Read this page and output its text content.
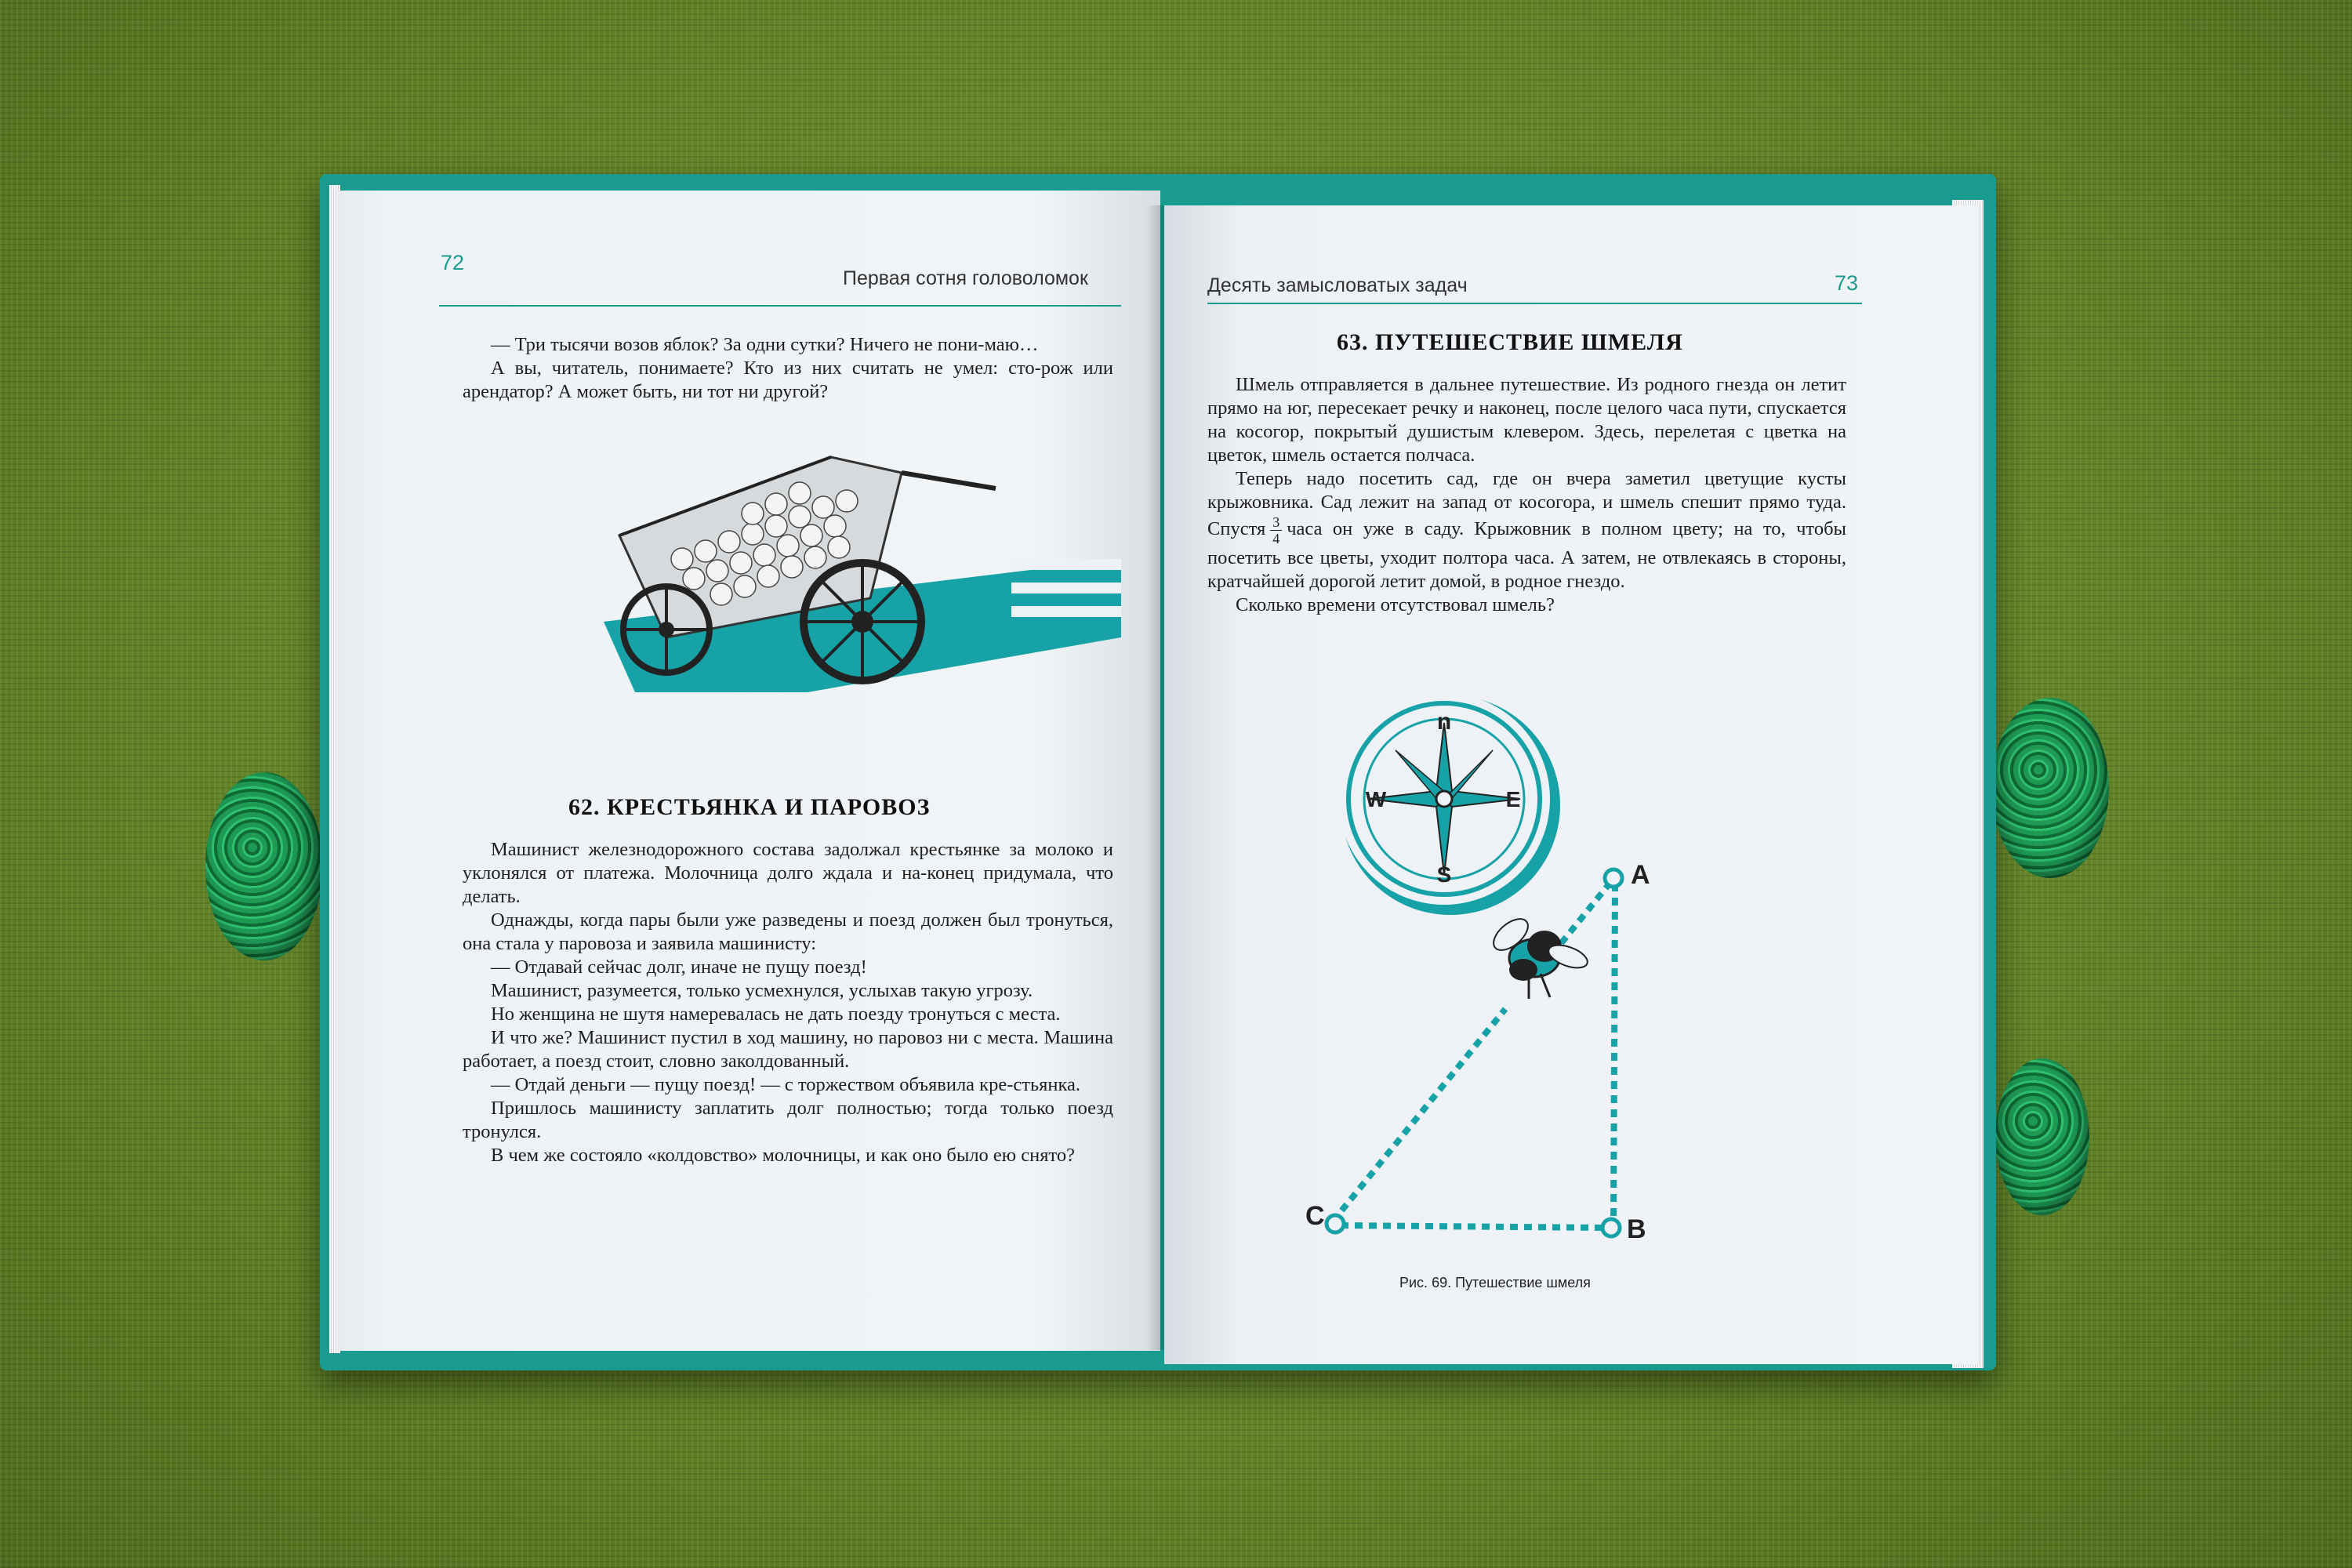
72
Первая сотня головоломок

— Три тысячи возов яблок? За одни сутки? Ничего не пони-маю…

А вы, читатель, понимаете? Кто из них считать не умел: сто-рож или арендатор? А может быть, ни тот ни другой?

62. КРЕСТЬЯНКА И ПАРОВОЗ

Машинист железнодорожного состава задолжал крестьянке за молоко и уклонялся от платежа. Молочница долго ждала и на-конец придумала, что делать.

Однажды, когда пары были уже разведены и поезд должен был тронуться, она стала у паровоза и заявила машинисту:

— Отдавай сейчас долг, иначе не пущу поезд!

Машинист, разумеется, только усмехнулся, услыхав такую угрозу.

Но женщина не шутя намеревалась не дать поезду тронуться с места.

И что же? Машинист пустил в ход машину, но паровоз ни с места. Машина работает, а поезд стоит, словно заколдованный.

— Отдай деньги — пущу поезд! — с торжеством объявила кре-стьянка.

Пришлось машинисту заплатить долг полностью; тогда только поезд тронулся.

В чем же состояло «колдовство» молочницы, и как оно было ею снято?

Десять замысловатых задач	73
63. ПУТЕШЕСТВИЕ ШМЕЛЯ

Шмель отправляется в дальнее путешествие. Из родного гнезда он летит прямо на юг, пересекает речку и наконец, после целого часа пути, спускается на косогор, покрытый душистым клевером. Здесь, перелетая с цветка на цветок, шмель остается полчаса.

Теперь надо посетить сад, где он вчера заметил цветущие кусты крыжовника. Сад лежит на запад от косогора, и шмель спешит прямо туда. Спустя $\frac{3}{4}$ часа он уже в саду. Крыжовник в полном цвету; на то, чтобы посетить все цветы, уходит полтора часа. А затем, не отвлекаясь в стороны, кратчайшей дорогой летит домой, в родное гнездо.

Сколько времени отсутствовал шмель?

n
W	E
S	A
B
C
Рис. 69. Путешествие шмеля
